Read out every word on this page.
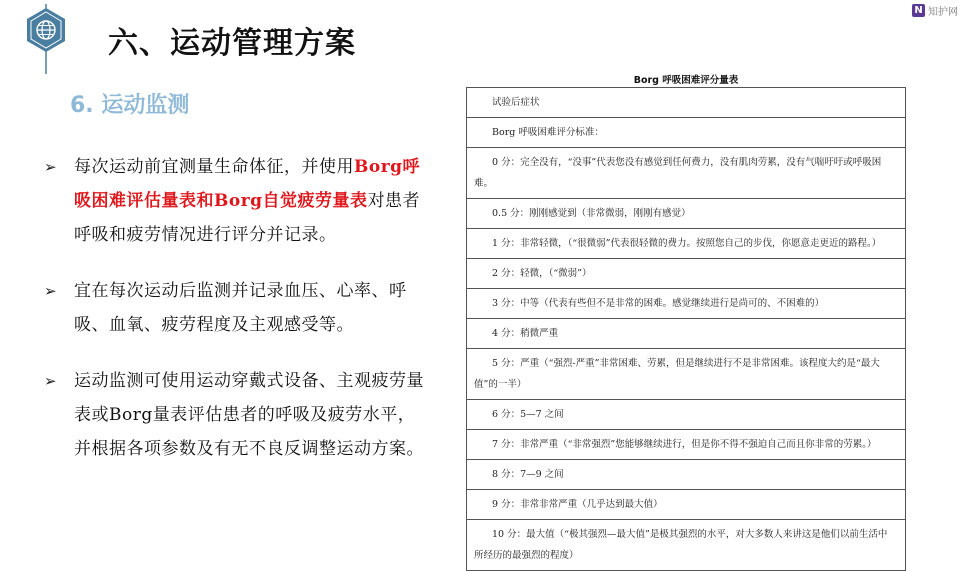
六、运动管理方案
N 知护网
6. 运动监测
➢	每次运动前宜测量生命体征，并使用Borg呼吸困难评估量表和Borg自觉疲劳量表对患者呼吸和疲劳情况进行评分并记录。
➢	宜在每次运动后监测并记录血压、心率、呼吸、血氧、疲劳程度及主观感受等。
➢	运动监测可使用运动穿戴式设备、主观疲劳量表或Borg量表评估患者的呼吸及疲劳水平，并根据各项参数及有无不良反调整运动方案。
Borg 呼吸困难评分量表
试验后症状

Borg 呼吸困难评分标准：

0 分：完全没有，“没事”代表您没有感觉到任何费力，没有肌肉劳累，没有气喘吁吁或呼吸困
难。

0.5 分：刚刚感觉到（非常微弱，刚刚有感觉）

1 分：非常轻微，（“很微弱”代表很轻微的费力。按照您自己的步伐，你愿意走更近的路程。）

2 分：轻微，（“微弱”）

3 分：中等（代表有些但不是非常的困难。感觉继续进行是尚可的、不困难的）

4 分：稍微严重

5 分：严重（“强烈-严重”非常困难、劳累，但是继续进行不是非常困难。该程度大约是“最大
值”的一半）

6 分：5—7 之间

7 分：非常严重（“非常强烈”您能够继续进行，但是你不得不强迫自己而且你非常的劳累。）

8 分：7—9 之间

9 分：非常非常严重（几乎达到最大值）

10 分：最大值（“极其强烈—最大值”是极其强烈的水平，对大多数人来讲这是他们以前生活中
所经历的最强烈的程度）
